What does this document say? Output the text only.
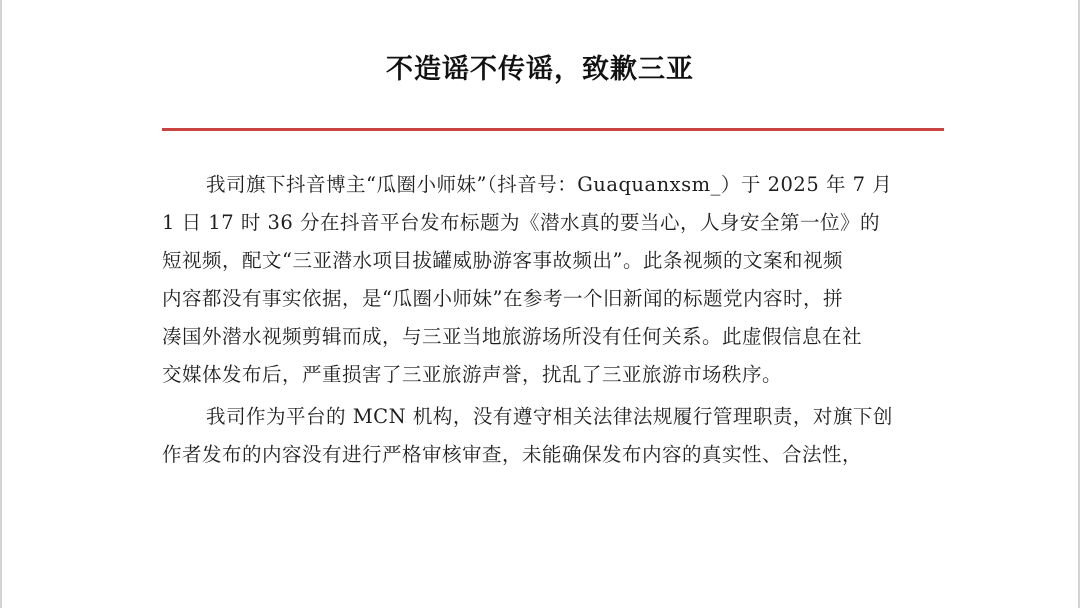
不造谣不传谣，致歉三亚
我司旗下抖音博主“瓜圈小师妹”（抖音号：Guaquanxsm_）于 2025 年 7 月
1 日 17 时 36 分在抖音平台发布标题为《潜水真的要当心，人身安全第一位》的
短视频，配文“三亚潜水项目拔罐威胁游客事故频出”。此条视频的文案和视频
内容都没有事实依据，是“瓜圈小师妹”在参考一个旧新闻的标题党内容时，拼
凑国外潜水视频剪辑而成，与三亚当地旅游场所没有任何关系。此虚假信息在社
交媒体发布后，严重损害了三亚旅游声誉，扰乱了三亚旅游市场秩序。
我司作为平台的 MCN 机构，没有遵守相关法律法规履行管理职责，对旗下创
作者发布的内容没有进行严格审核审查，未能确保发布内容的真实性、合法性，
